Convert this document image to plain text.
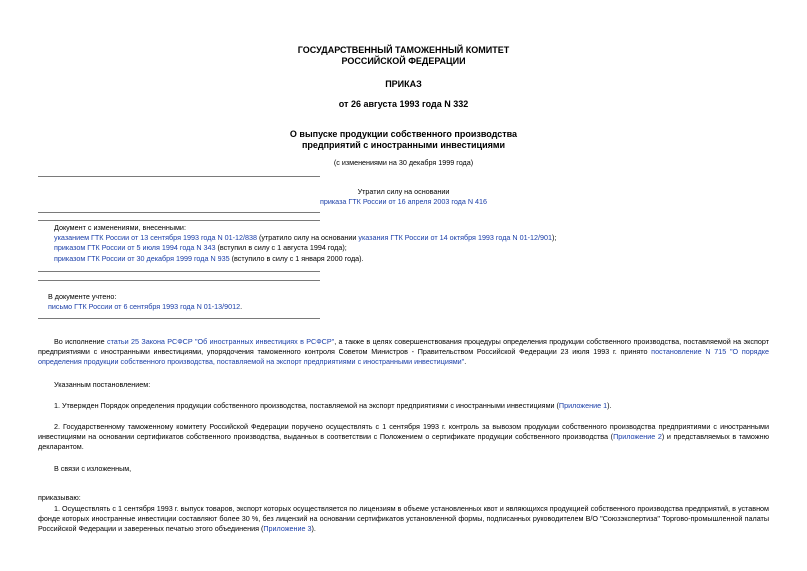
ГОСУДАРСТВЕННЫЙ ТАМОЖЕННЫЙ КОМИТЕТ
РОССИЙСКОЙ ФЕДЕРАЦИИ
ПРИКАЗ
от 26 августа 1993 года N 332
О выпуске продукции собственного производства
предприятий с иностранными инвестициями
(с изменениями на 30 декабря 1999 года)
Утратил силу на основании
приказа ГТК России от 16 апреля 2003 года N 416
Документ с изменениями, внесенными:
указанием ГТК России от 13 сентября 1993 года N 01-12/838 (утратило силу на основании указания ГТК России от 14 октября 1993 года N 01-12/901);
приказом ГТК России от 5 июля 1994 года N 343 (вступил в силу с 1 августа 1994 года);
приказом ГТК России от 30 декабря 1999 года N 935 (вступило в силу с 1 января 2000 года).
В документе учтено:
письмо ГТК России от 6 сентября 1993 года N 01-13/9012.
Во исполнение статьи 25 Закона РСФСР "Об иностранных инвестициях в РСФСР", а также в целях совершенствования процедуры определения продукции собственного производства, поставляемой на экспорт предприятиями с иностранными инвестициями, упорядочения таможенного контроля Советом Министров - Правительством Российской Федерации 23 июля 1993 г. принято постановление N 715 "О порядке определения продукции собственного производства, поставляемой на экспорт предприятиями с иностранными инвестициями".
Указанным постановлением:
1. Утвержден Порядок определения продукции собственного производства, поставляемой на экспорт предприятиями с иностранными инвестициями (Приложение 1).
2. Государственному таможенному комитету Российской Федерации поручено осуществлять с 1 сентября 1993 г. контроль за вывозом продукции собственного производства предприятиями с иностранными инвестициями на основании сертификатов собственного производства, выданных в соответствии с Положением о сертификате продукции собственного производства (Приложение 2) и представляемых в таможню декларантом.
В связи с изложенным,
приказываю:
1. Осуществлять с 1 сентября 1993 г. выпуск товаров, экспорт которых осуществляется по лицензиям в объеме установленных квот и являющихся продукцией собственного производства предприятий, в уставном фонде которых иностранные инвестиции составляют более 30 %, без лицензий на основании сертификатов установленной формы, подписанных руководителем В/О "Союзэкспертиза" Торгово-промышленной палаты Российской Федерации и заверенных печатью этого объединения (Приложение 3).
